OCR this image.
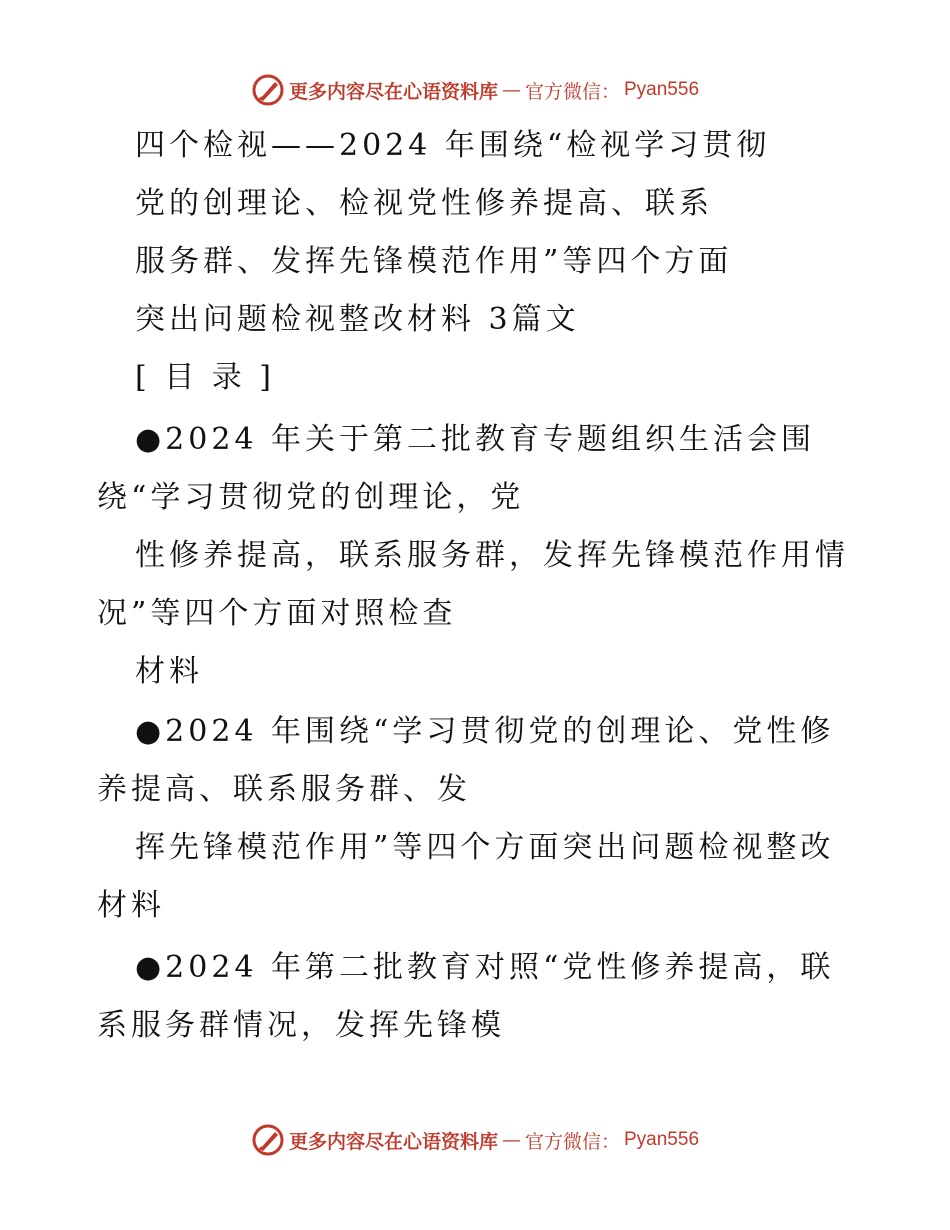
更多内容尽在心语资料库 — 官方微信： Pyan556
四个检视——2024 年围绕“检视学习贯彻
党的创理论、检视党性修养提高、联系
服务群、发挥先锋模范作用”等四个方面
突出问题检视整改材料 3篇文
[ 目 录 ]
●2024 年关于第二批教育专题组织生活会围
绕“学习贯彻党的创理论，党
性修养提高，联系服务群，发挥先锋模范作用情
况”等四个方面对照检查
材料
●2024 年围绕“学习贯彻党的创理论、党性修
养提高、联系服务群、发
挥先锋模范作用”等四个方面突出问题检视整改
材料
●2024 年第二批教育对照“党性修养提高，联
系服务群情况，发挥先锋模
更多内容尽在心语资料库 — 官方微信： Pyan556
